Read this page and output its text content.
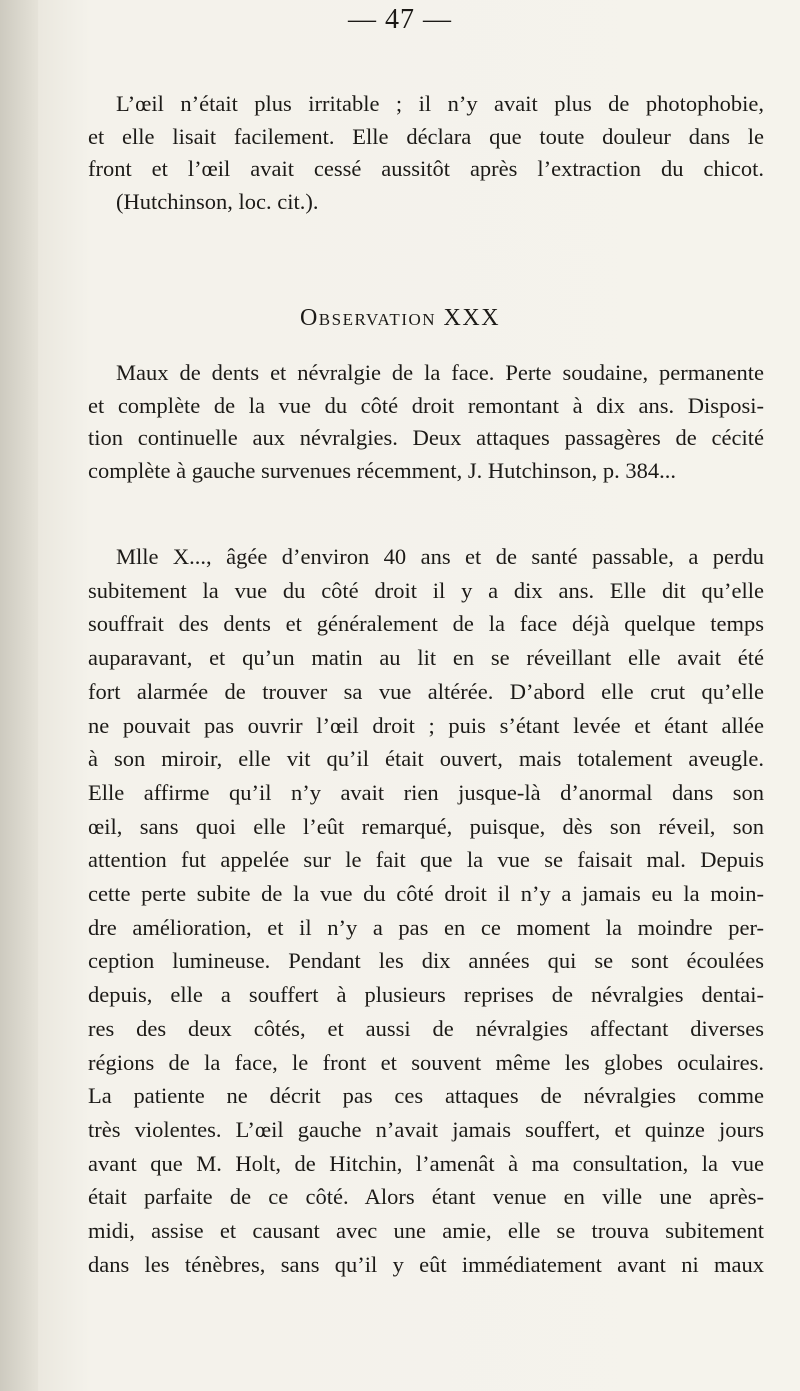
— 47 —
L’œil n’était plus irritable ; il n’y avait plus de photophobie,
et elle lisait facilement. Elle déclara que toute douleur dans le
front et l’œil avait cessé aussitôt après l’extraction du chicot.
(Hutchinson, loc. cit.).
Observation XXX
Maux de dents et névralgie de la face. Perte soudaine, permanente
et complète de la vue du côté droit remontant à dix ans. Disposi-
tion continuelle aux névralgies. Deux attaques passagères de cécité
complète à gauche survenues récemment, J. Hutchinson, p. 384...
Mlle X..., âgée d’environ 40 ans et de santé passable, a perdu
subitement la vue du côté droit il y a dix ans. Elle dit qu’elle
souffrait des dents et généralement de la face déjà quelque temps
auparavant, et qu’un matin au lit en se réveillant elle avait été
fort alarmée de trouver sa vue altérée. D’abord elle crut qu’elle
ne pouvait pas ouvrir l’œil droit ; puis s’étant levée et étant allée
à son miroir, elle vit qu’il était ouvert, mais totalement aveugle.
Elle affirme qu’il n’y avait rien jusque-là d’anormal dans son
œil, sans quoi elle l’eût remarqué, puisque, dès son réveil, son
attention fut appelée sur le fait que la vue se faisait mal. Depuis
cette perte subite de la vue du côté droit il n’y a jamais eu la moin-
dre amélioration, et il n’y a pas en ce moment la moindre per-
ception lumineuse. Pendant les dix années qui se sont écoulées
depuis, elle a souffert à plusieurs reprises de névralgies dentai-
res des deux côtés, et aussi de névralgies affectant diverses
régions de la face, le front et souvent même les globes oculaires.
La patiente ne décrit pas ces attaques de névralgies comme
très violentes. L’œil gauche n’avait jamais souffert, et quinze jours
avant que M. Holt, de Hitchin, l’amenât à ma consultation, la vue
était parfaite de ce côté. Alors étant venue en ville une après-
midi, assise et causant avec une amie, elle se trouva subitement
dans les ténèbres, sans qu’il y eût immédiatement avant ni maux
